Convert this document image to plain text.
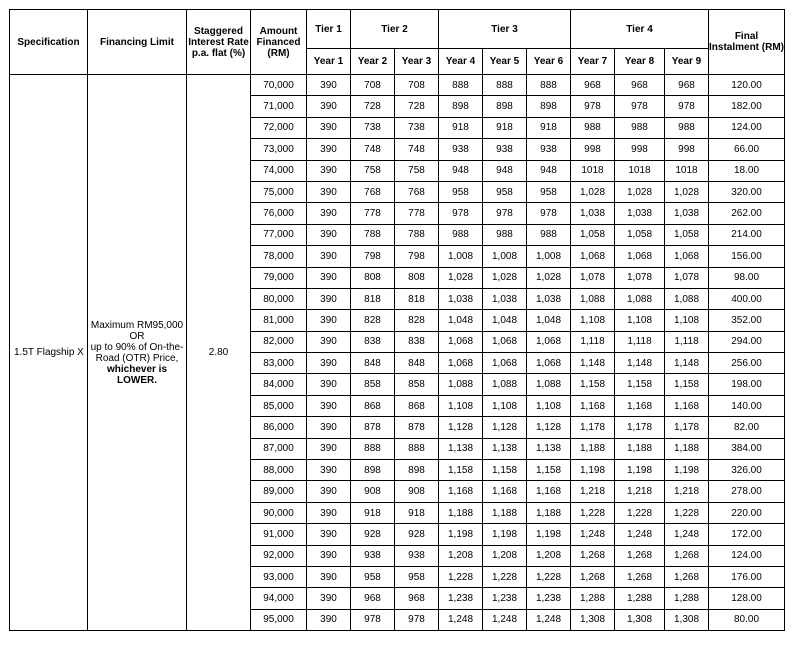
Specification	Financing Limit	Staggered Interest Rate p.a. flat (%)	Amount Financed (RM)	Tier 1	Tier 2		Tier 3			Tier 4			Final Instalment (RM)
				Year 1	Year 2	Year 3	Year 4	Year 5	Year 6	Year 7	Year 8	Year 9	
1.5T Flagship X	Maximum RM95,000
OR
up to 90% of On-the-Road (OTR) Price, whichever is LOWER.	2.80	70,000	390	708	708	888	888	888	968	968	968	120.00
			71,000	390	728	728	898	898	898	978	978	978	182.00
			72,000	390	738	738	918	918	918	988	988	988	124.00
			73,000	390	748	748	938	938	938	998	998	998	66.00
			74,000	390	758	758	948	948	948	1018	1018	1018	18.00
			75,000	390	768	768	958	958	958	1,028	1,028	1,028	320.00
			76,000	390	778	778	978	978	978	1,038	1,038	1,038	262.00
			77,000	390	788	788	988	988	988	1,058	1,058	1,058	214.00
			78,000	390	798	798	1,008	1,008	1,008	1,068	1,068	1,068	156.00
			79,000	390	808	808	1,028	1,028	1,028	1,078	1,078	1,078	98.00
			80,000	390	818	818	1,038	1,038	1,038	1,088	1,088	1,088	400.00
			81,000	390	828	828	1,048	1,048	1,048	1,108	1,108	1,108	352.00
			82,000	390	838	838	1,068	1,068	1,068	1,118	1,118	1,118	294.00
			83,000	390	848	848	1,068	1,068	1,068	1,148	1,148	1,148	256.00
			84,000	390	858	858	1,088	1,088	1,088	1,158	1,158	1,158	198.00
			85,000	390	868	868	1,108	1,108	1,108	1,168	1,168	1,168	140.00
			86,000	390	878	878	1,128	1,128	1,128	1,178	1,178	1,178	82.00
			87,000	390	888	888	1,138	1,138	1,138	1,188	1,188	1,188	384.00
			88,000	390	898	898	1,158	1,158	1,158	1,198	1,198	1,198	326.00
			89,000	390	908	908	1,168	1,168	1,168	1,218	1,218	1,218	278.00
			90,000	390	918	918	1,188	1,188	1,188	1,228	1,228	1,228	220.00
			91,000	390	928	928	1,198	1,198	1,198	1,248	1,248	1,248	172.00
			92,000	390	938	938	1,208	1,208	1,208	1,268	1,268	1,268	124.00
			93,000	390	958	958	1,228	1,228	1,228	1,268	1,268	1,268	176.00
			94,000	390	968	968	1,238	1,238	1,238	1,288	1,288	1,288	128.00
			95,000	390	978	978	1,248	1,248	1,248	1,308	1,308	1,308	80.00
